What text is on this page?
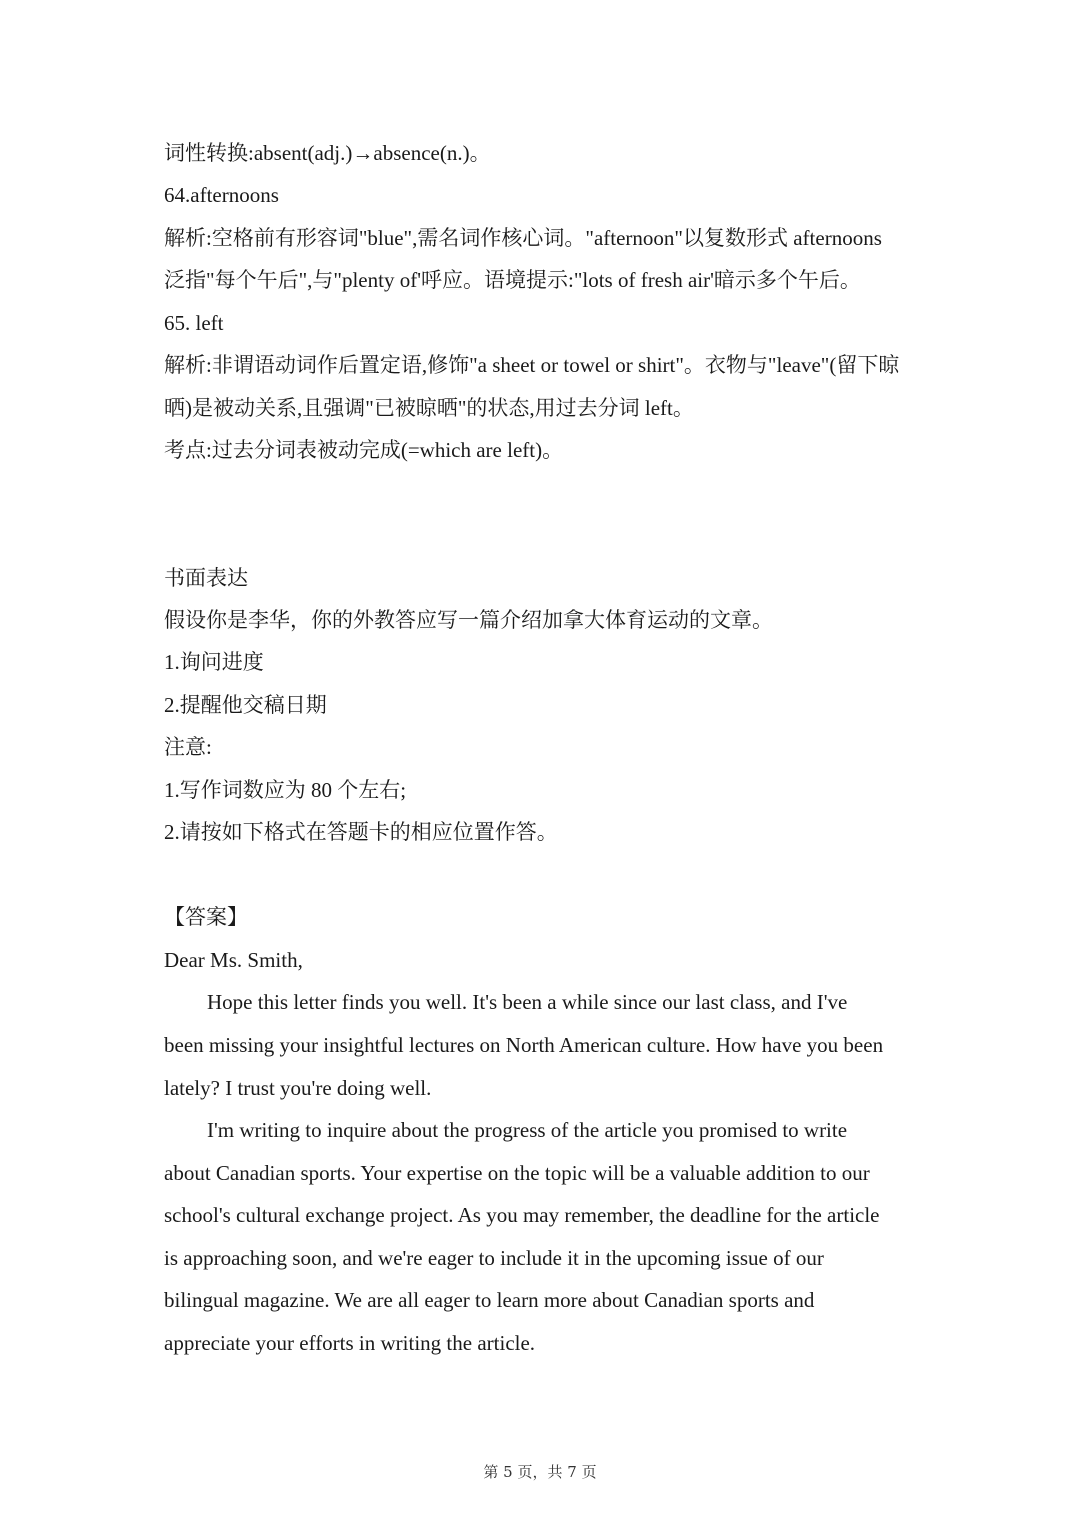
词性转换:absent(adj.)→absence(n.)。
64.afternoons
解析:空格前有形容词"blue",需名词作核心词。"afternoon"以复数形式 afternoons
泛指"每个午后",与"plenty of'呼应。语境提示:"lots of fresh air'暗示多个午后。
65. left
解析:非谓语动词作后置定语,修饰"a sheet or towel or shirt"。衣物与"leave"(留下晾
晒)是被动关系,且强调"已被晾晒"的状态,用过去分词 left。
考点:过去分词表被动完成(=which are left)。
书面表达
假设你是李华，你的外教答应写一篇介绍加拿大体育运动的文章。
1.询问进度
2.提醒他交稿日期
注意:
1.写作词数应为 80 个左右;
2.请按如下格式在答题卡的相应位置作答。
【答案】
Dear Ms. Smith,
Hope this letter finds you well. It's been a while since our last class, and I've
been missing your insightful lectures on North American culture. How have you been
lately? I trust you're doing well.
I'm writing to inquire about the progress of the article you promised to write
about Canadian sports. Your expertise on the topic will be a valuable addition to our
school's cultural exchange project. As you may remember, the deadline for the article
is approaching soon, and we're eager to include it in the upcoming issue of our
bilingual magazine. We are all eager to learn more about Canadian sports and
appreciate your efforts in writing the article.
第 5 页，共 7 页
